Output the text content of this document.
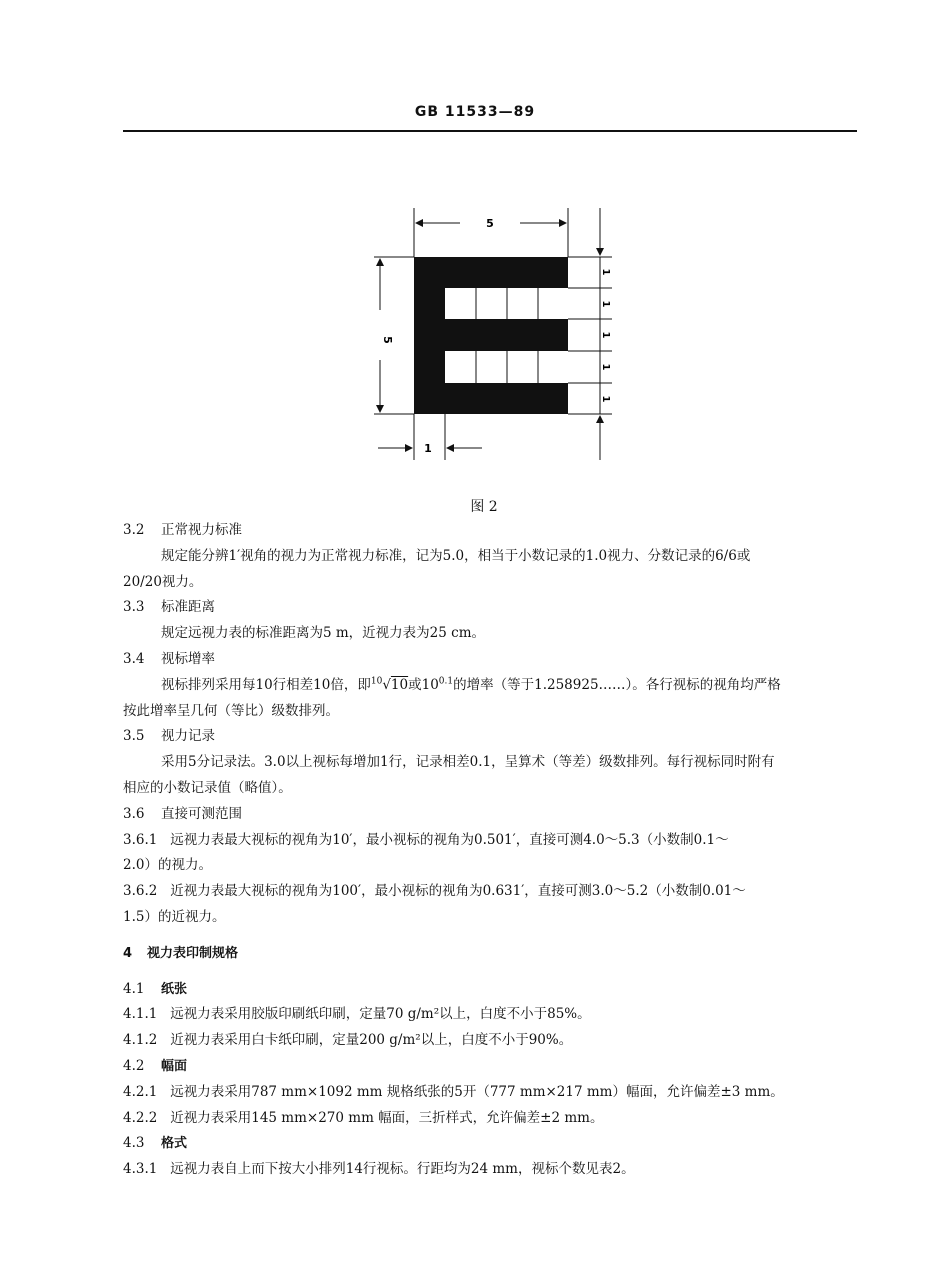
GB 11533—89
5
5
1
1
1
1
1
1
图 2
3.2 正常视力标准
规定能分辨1′视角的视力为正常视力标准，记为5.0，相当于小数记录的1.0视力、分数记录的6/6或
20/20视力。
3.3 标准距离
规定远视力表的标准距离为5 m，近视力表为25 cm。
3.4 视标增率
视标排列采用每10行相差10倍，即$^{10}$√10或$10^{0.1}$的增率（等于1.258925……）。各行视标的视角均严格
按此增率呈几何（等比）级数排列。
3.5 视力记录
采用5分记录法。3.0以上视标每增加1行，记录相差0.1，呈算术（等差）级数排列。每行视标同时附有
相应的小数记录值（略值）。
3.6 直接可测范围
3.6.1 远视力表最大视标的视角为10′，最小视标的视角为0.501′，直接可测4.0～5.3（小数制0.1～
2.0）的视力。
3.6.2 近视力表最大视标的视角为100′，最小视标的视角为0.631′，直接可测3.0～5.2（小数制0.01～
1.5）的近视力。
4 视力表印制规格
4.1 纸张
4.1.1 远视力表采用胶版印刷纸印刷，定量70 g/m²以上，白度不小于85%。
4.1.2 近视力表采用白卡纸印刷，定量200 g/m²以上，白度不小于90%。
4.2 幅面
4.2.1 远视力表采用787 mm×1092 mm 规格纸张的5开（777 mm×217 mm）幅面，允许偏差±3 mm。
4.2.2 近视力表采用145 mm×270 mm 幅面，三折样式，允许偏差±2 mm。
4.3 格式
4.3.1 远视力表自上而下按大小排列14行视标。行距均为24 mm，视标个数见表2。
